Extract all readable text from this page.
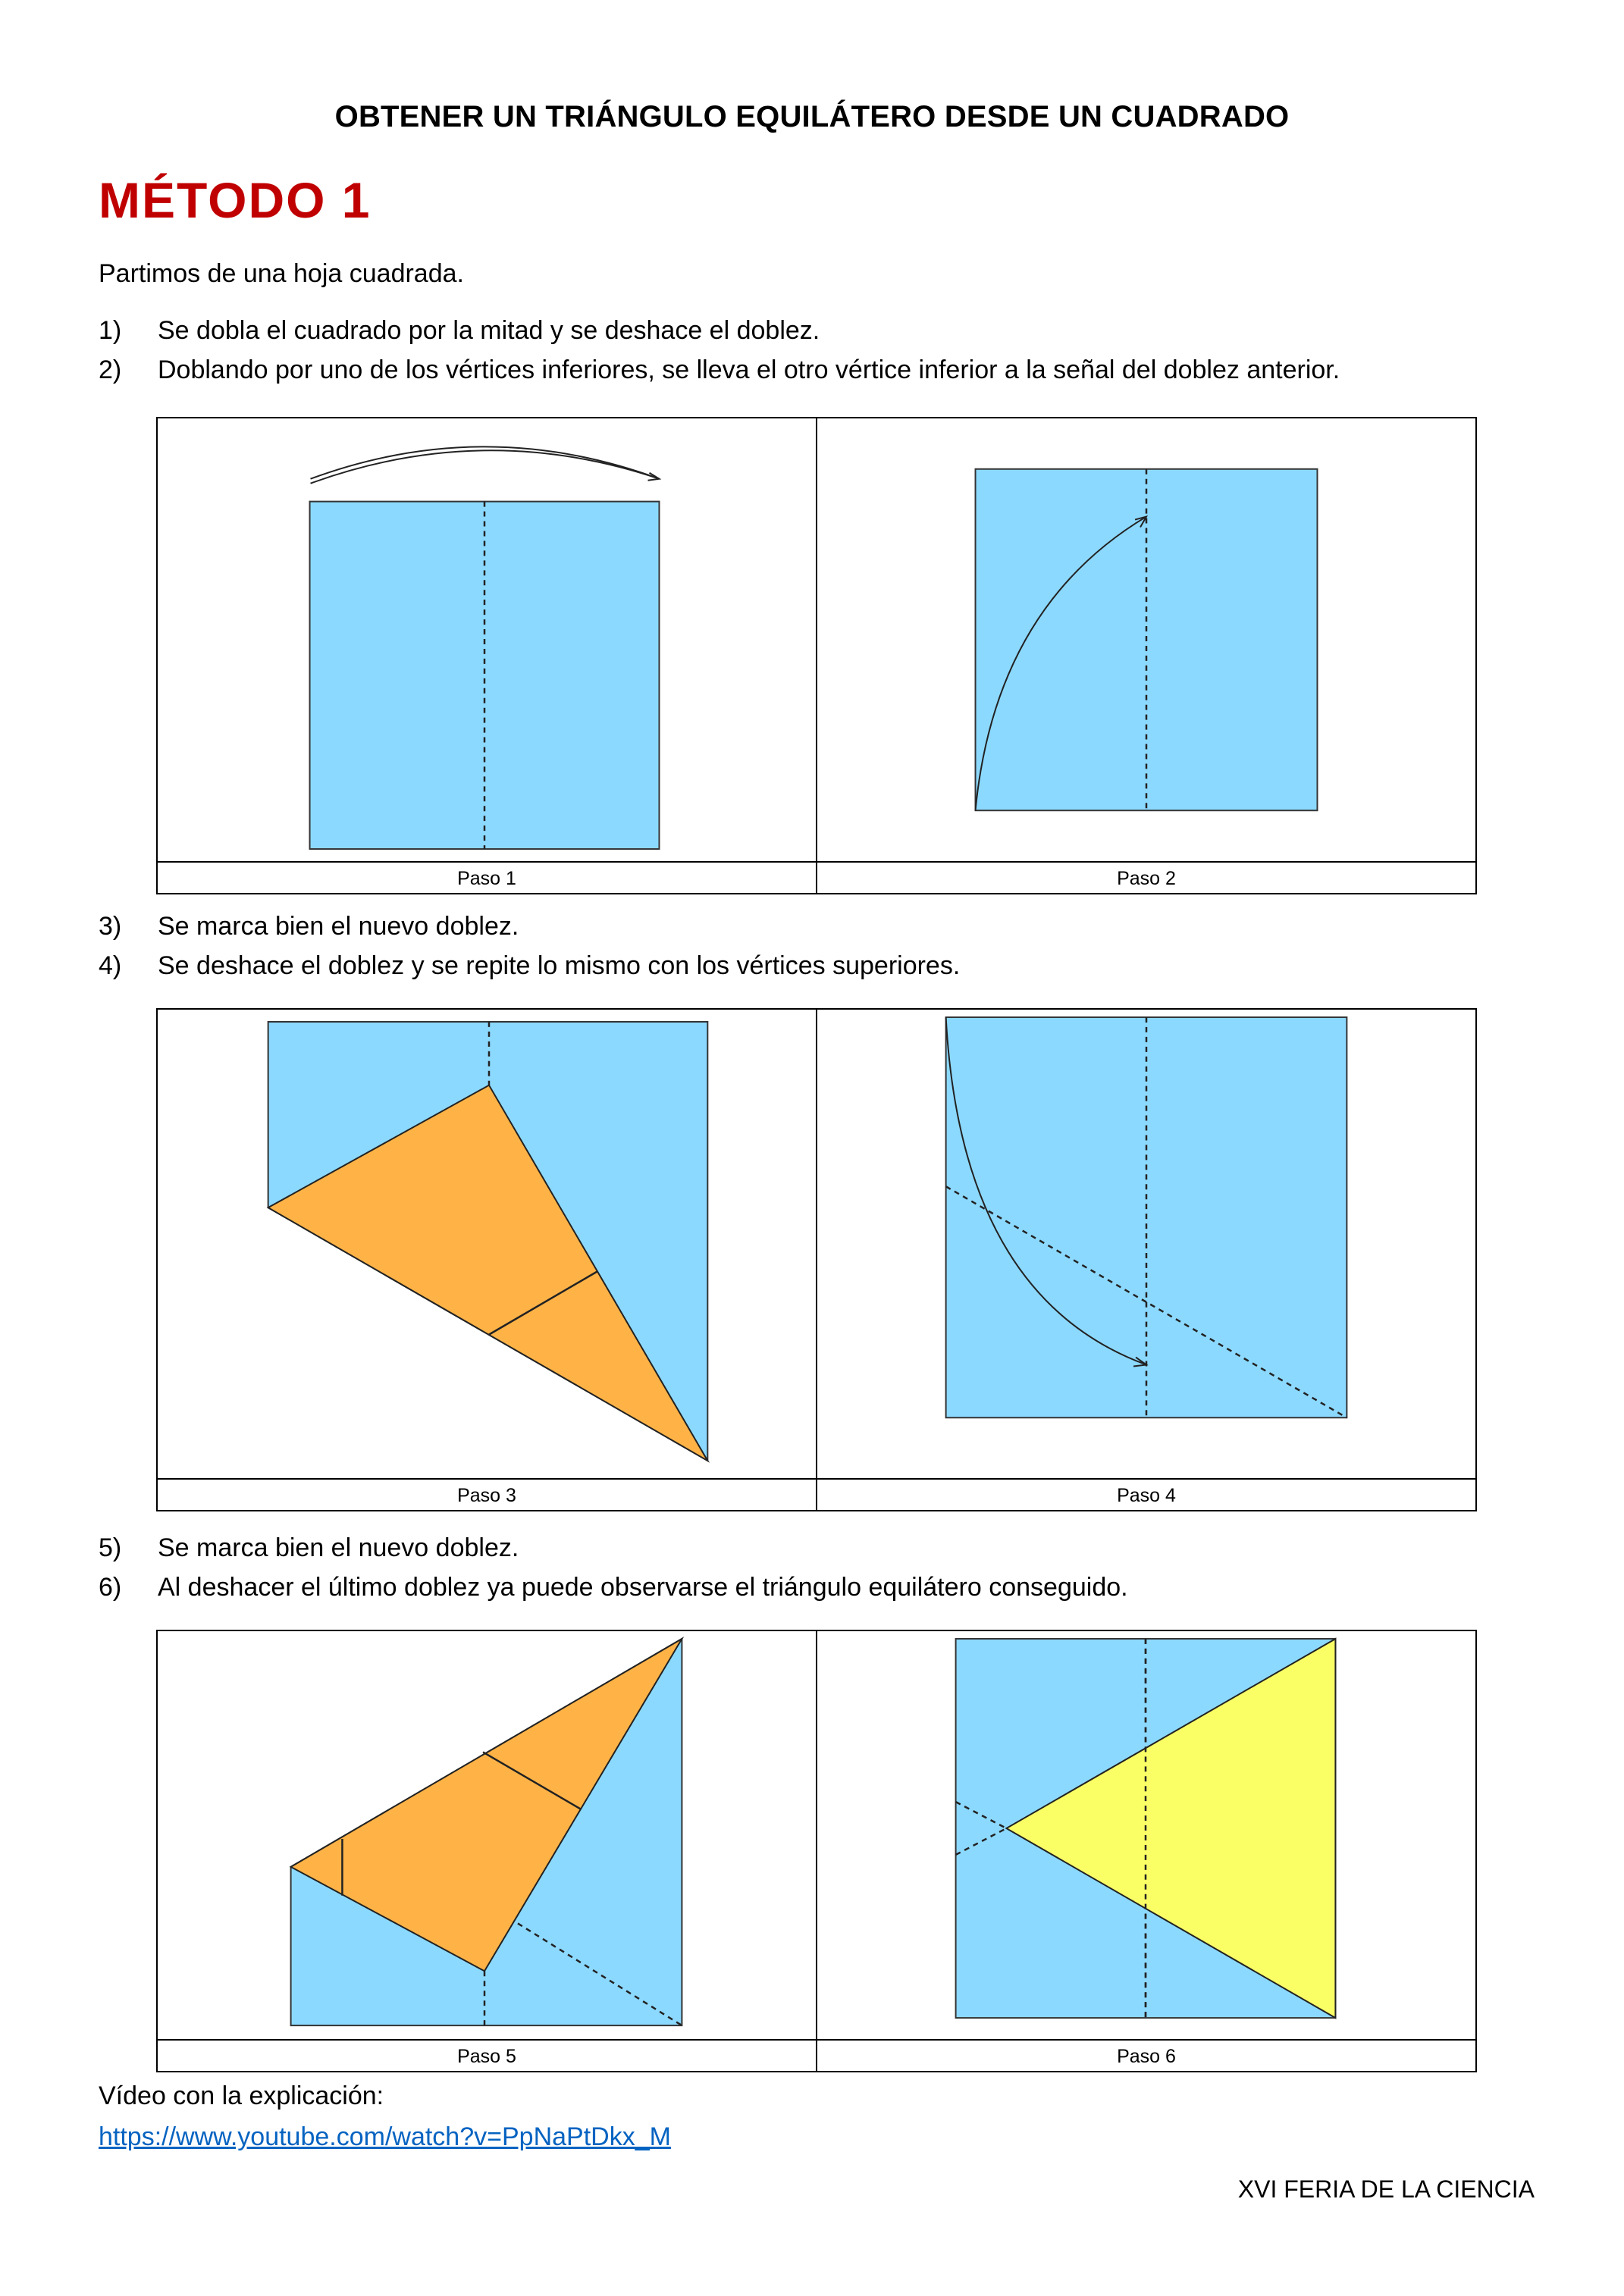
OBTENER UN TRIÁNGULO EQUILÁTERO DESDE UN CUADRADO
MÉTODO 1
Partimos de una hoja cuadrada.
1)	Se dobla el cuadrado por la mitad y se deshace el doblez.
2)	Doblando por uno de los vértices inferiores, se lleva el otro vértice inferior a la señal del doblez anterior.
Paso 1	Paso 2
3)	Se marca bien el nuevo doblez.
4)	Se deshace el doblez y se repite lo mismo con los vértices superiores.
Paso 3	Paso 4
5)	Se marca bien el nuevo doblez.
6)	Al deshacer el último doblez ya puede observarse el triángulo equilátero conseguido.
Paso 5	Paso 6
Vídeo con la explicación:
https://www.youtube.com/watch?v=PpNaPtDkx_M
XVI FERIA DE LA CIENCIA
